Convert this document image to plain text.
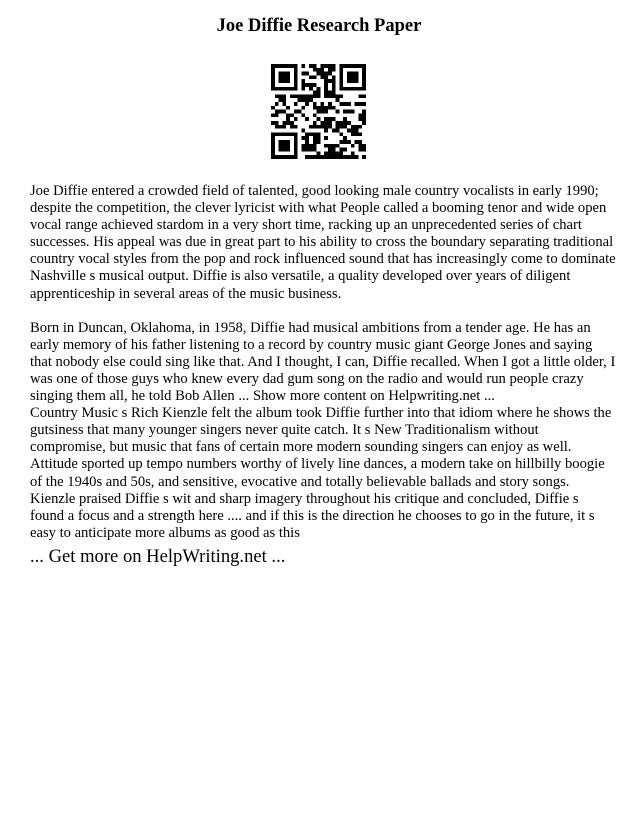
Joe Diffie Research Paper

Joe Diffie entered a crowded field of talented, good looking male country vocalists in early 1990; despite the competition, the clever lyricist with what People called a booming tenor and wide open vocal range achieved stardom in a very short time, racking up an unprecedented series of chart successes. His appeal was due in great part to his ability to cross the boundary separating traditional country vocal styles from the pop and rock influenced sound that has increasingly come to dominate Nashville s musical output. Diffie is also versatile, a quality developed over years of diligent apprenticeship in several areas of the music business.

Born in Duncan, Oklahoma, in 1958, Diffie had musical ambitions from a tender age. He has an early memory of his father listening to a record by country music giant George Jones and saying that nobody else could sing like that. And I thought, I can, Diffie recalled. When I got a little older, I was one of those guys who knew every dad gum song on the radio and would run people crazy singing them all, he told Bob Allen ... Show more content on Helpwriting.net ...

Country Music s Rich Kienzle felt the album took Diffie further into that idiom where he shows the gutsiness that many younger singers never quite catch. It s New Traditionalism without compromise, but music that fans of certain more modern sounding singers can enjoy as well. Attitude sported up tempo numbers worthy of lively line dances, a modern take on hillbilly boogie of the 1940s and 50s, and sensitive, evocative and totally believable ballads and story songs. Kienzle praised Diffie s wit and sharp imagery throughout his critique and concluded, Diffie s found a focus and a strength here .... and if this is the direction he chooses to go in the future, it s easy to anticipate more albums as good as this

... Get more on HelpWriting.net ...
